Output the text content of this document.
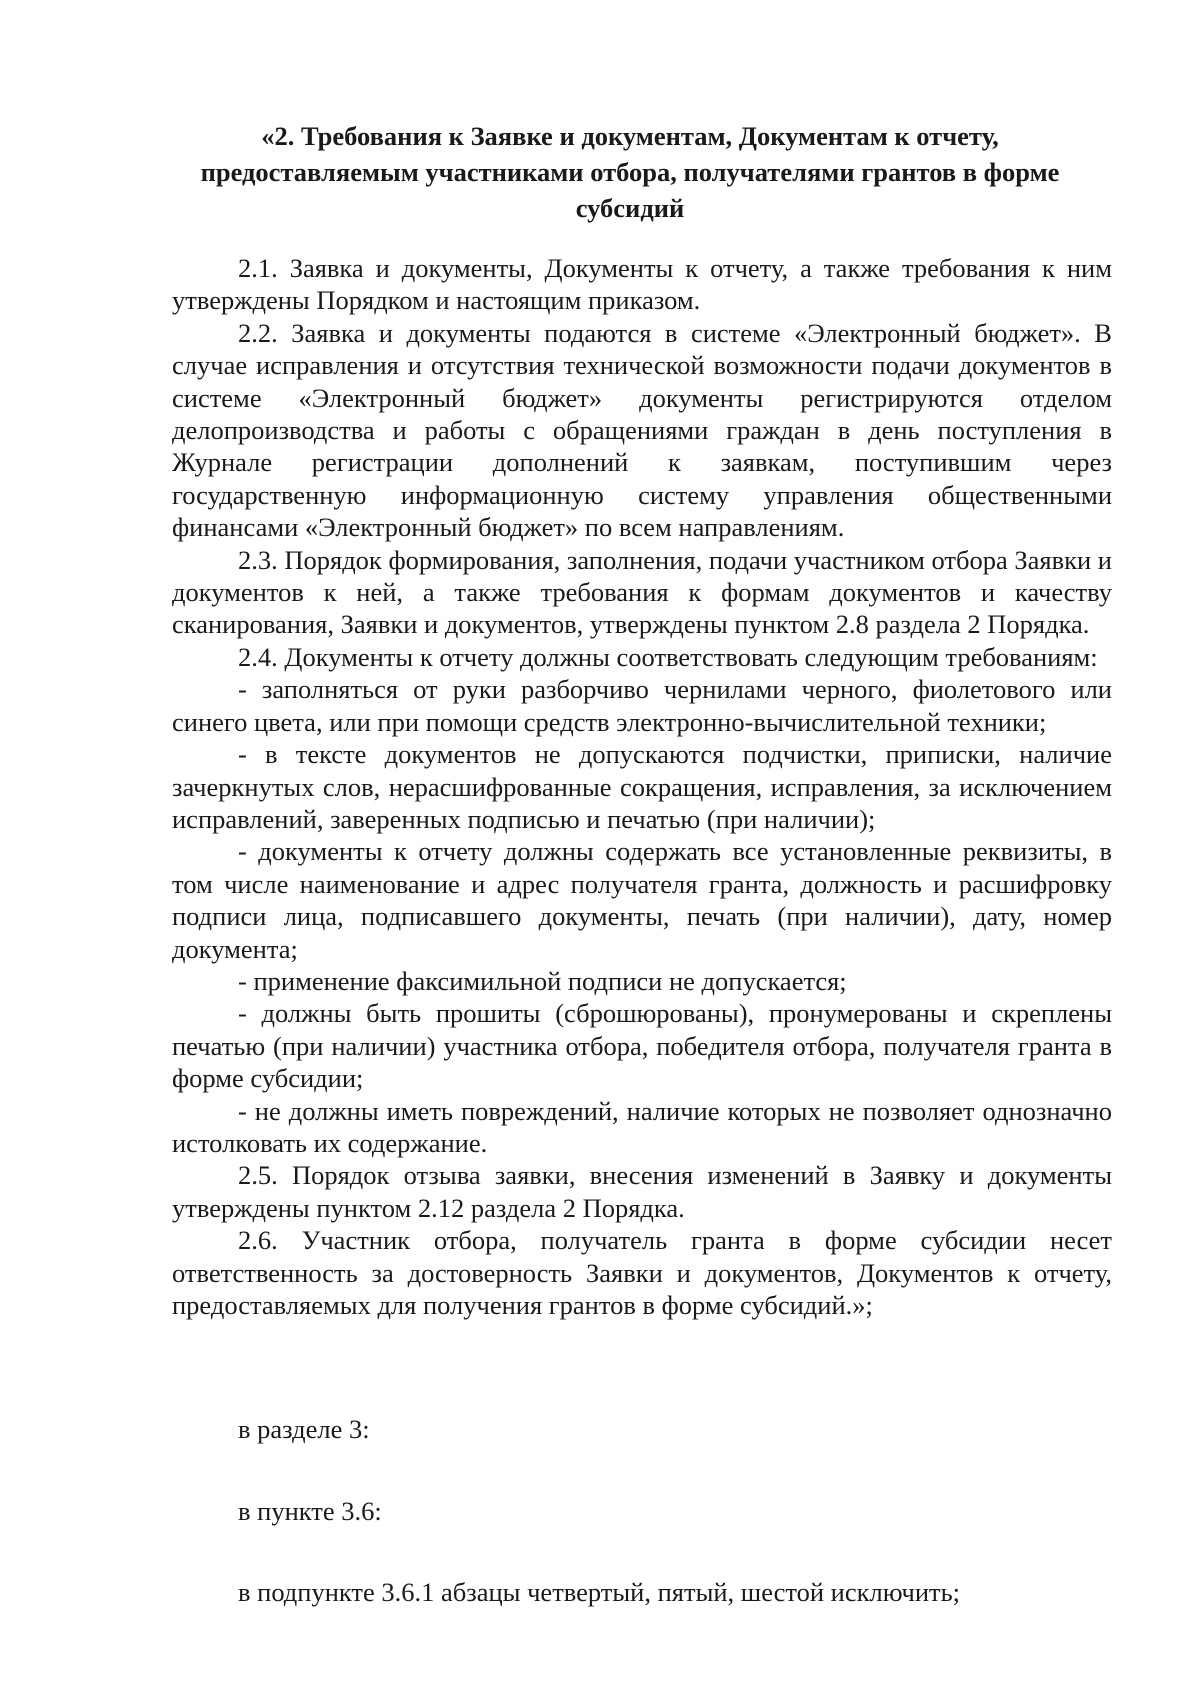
«2. Требования к Заявке и документам, Документам к отчету, предоставляемым участниками отбора, получателями грантов в форме субсидий

2.1. Заявка и документы, Документы к отчету, а также требования к ним утверждены Порядком и настоящим приказом.

2.2. Заявка и документы подаются в системе «Электронный бюджет». В случае исправления и отсутствия технической возможности подачи документов в системе «Электронный бюджет» документы регистрируются отделом делопроизводства и работы с обращениями граждан в день поступления в Журнале регистрации дополнений к заявкам, поступившим через государственную информационную систему управления общественными финансами «Электронный бюджет» по всем направлениям.

2.3. Порядок формирования, заполнения, подачи участником отбора Заявки и документов к ней, а также требования к формам документов и качеству сканирования, Заявки и документов, утверждены пунктом 2.8 раздела 2 Порядка.

2.4. Документы к отчету должны соответствовать следующим требованиям:

- заполняться от руки разборчиво чернилами черного, фиолетового или синего цвета, или при помощи средств электронно-вычислительной техники;

- в тексте документов не допускаются подчистки, приписки, наличие зачеркнутых слов, нерасшифрованные сокращения, исправления, за исключением исправлений, заверенных подписью и печатью (при наличии);

- документы к отчету должны содержать все установленные реквизиты, в том числе наименование и адрес получателя гранта, должность и расшифровку подписи лица, подписавшего документы, печать (при наличии), дату, номер документа;

- применение факсимильной подписи не допускается;

- должны быть прошиты (сброшюрованы), пронумерованы и скреплены печатью (при наличии) участника отбора, победителя отбора, получателя гранта в форме субсидии;

- не должны иметь повреждений, наличие которых не позволяет однозначно истолковать их содержание.

2.5. Порядок отзыва заявки, внесения изменений в Заявку и документы утверждены пунктом 2.12 раздела 2 Порядка.

2.6. Участник отбора, получатель гранта в форме субсидии несет ответственность за достоверность Заявки и документов, Документов к отчету, предоставляемых для получения грантов в форме субсидий.»;

в разделе 3:

в пункте 3.6:

в подпункте 3.6.1 абзацы четвертый, пятый, шестой исключить;
